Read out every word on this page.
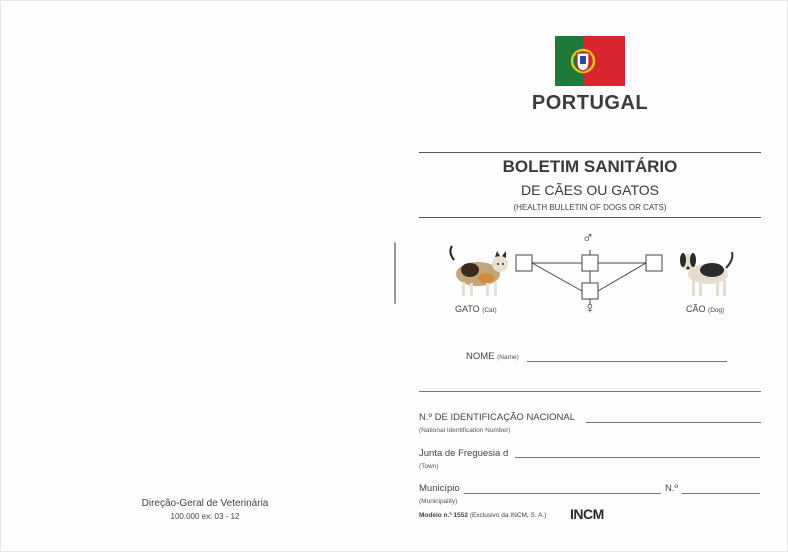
PORTUGAL
BOLETIM SANITÁRIO
DE CÃES OU GATOS
(HEALTH BULLETIN OF DOGS OR CATS)
♂
♀
GATO (Cat)	CÃO (Dog)
NOME (Name)
N.º DE IDENTIFICAÇÃO NACIONAL
(National Identification Number)
Junta de Freguesia d
(Town)
Município	N.º
(Municipality)
Modelo n.º 1552 (Exclusivo da INCM, S. A.) INCM
Direção-Geral de Veterinária
100.000 ex. 03 - 12
